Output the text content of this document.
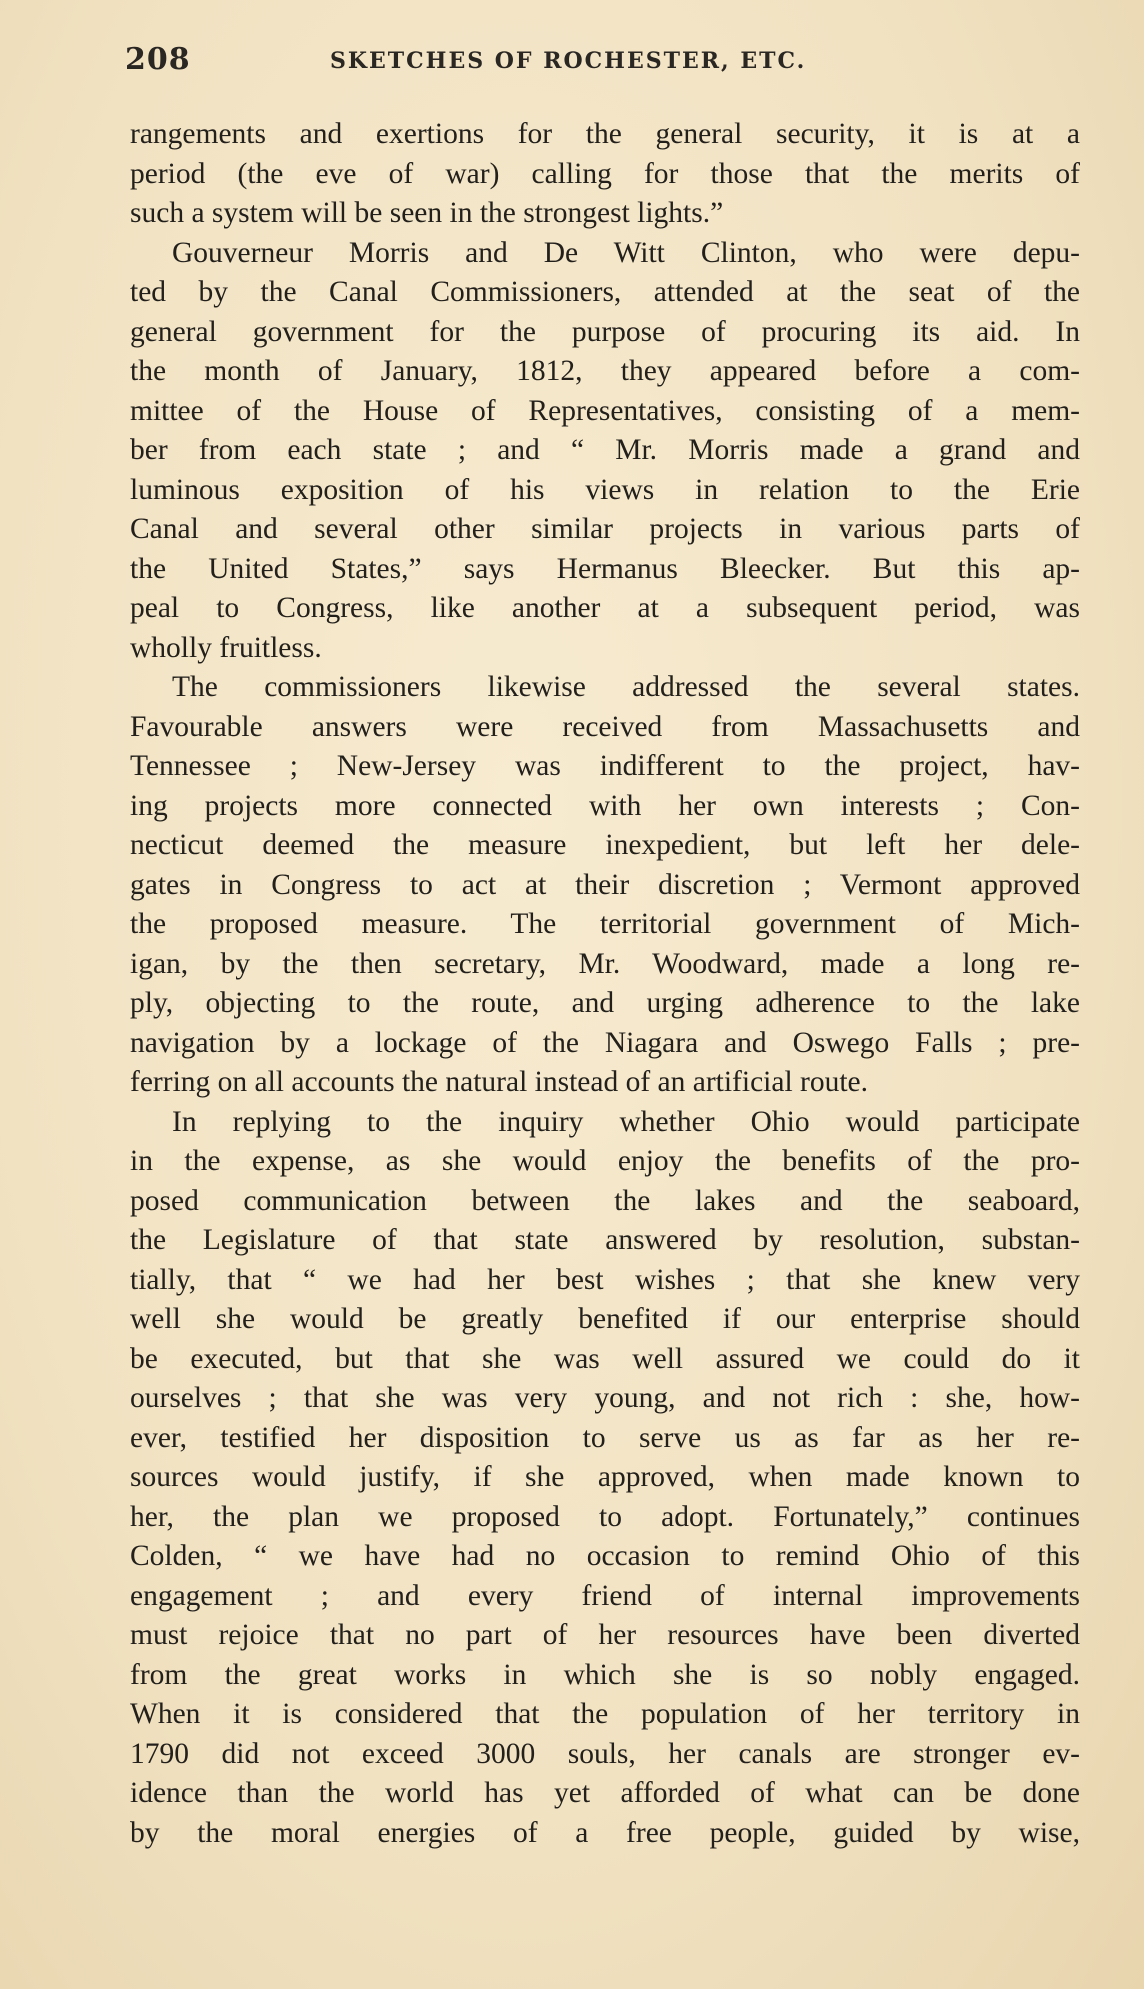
208	SKETCHES OF ROCHESTER, ETC.
rangements and exertions for the general security, it is at a
period (the eve of war) calling for those that the merits of
such a system will be seen in the strongest lights.”
Gouverneur Morris and De Witt Clinton, who were depu-
ted by the Canal Commissioners, attended at the seat of the
general government for the purpose of procuring its aid. In
the month of January, 1812, they appeared before a com-
mittee of the House of Representatives, consisting of a mem-
ber from each state ; and “ Mr. Morris made a grand and
luminous exposition of his views in relation to the Erie
Canal and several other similar projects in various parts of
the United States,” says Hermanus Bleecker. But this ap-
peal to Congress, like another at a subsequent period, was
wholly fruitless.
The commissioners likewise addressed the several states.
Favourable answers were received from Massachusetts and
Tennessee ; New-Jersey was indifferent to the project, hav-
ing projects more connected with her own interests ; Con-
necticut deemed the measure inexpedient, but left her dele-
gates in Congress to act at their discretion ; Vermont approved
the proposed measure. The territorial government of Mich-
igan, by the then secretary, Mr. Woodward, made a long re-
ply, objecting to the route, and urging adherence to the lake
navigation by a lockage of the Niagara and Oswego Falls ; pre-
ferring on all accounts the natural instead of an artificial route.
In replying to the inquiry whether Ohio would participate
in the expense, as she would enjoy the benefits of the pro-
posed communication between the lakes and the seaboard,
the Legislature of that state answered by resolution, substan-
tially, that “ we had her best wishes ; that she knew very
well she would be greatly benefited if our enterprise should
be executed, but that she was well assured we could do it
ourselves ; that she was very young, and not rich : she, how-
ever, testified her disposition to serve us as far as her re-
sources would justify, if she approved, when made known to
her, the plan we proposed to adopt. Fortunately,” continues
Colden, “ we have had no occasion to remind Ohio of this
engagement ; and every friend of internal improvements
must rejoice that no part of her resources have been diverted
from the great works in which she is so nobly engaged.
When it is considered that the population of her territory in
1790 did not exceed 3000 souls, her canals are stronger ev-
idence than the world has yet afforded of what can be done
by the moral energies of a free people, guided by wise,
